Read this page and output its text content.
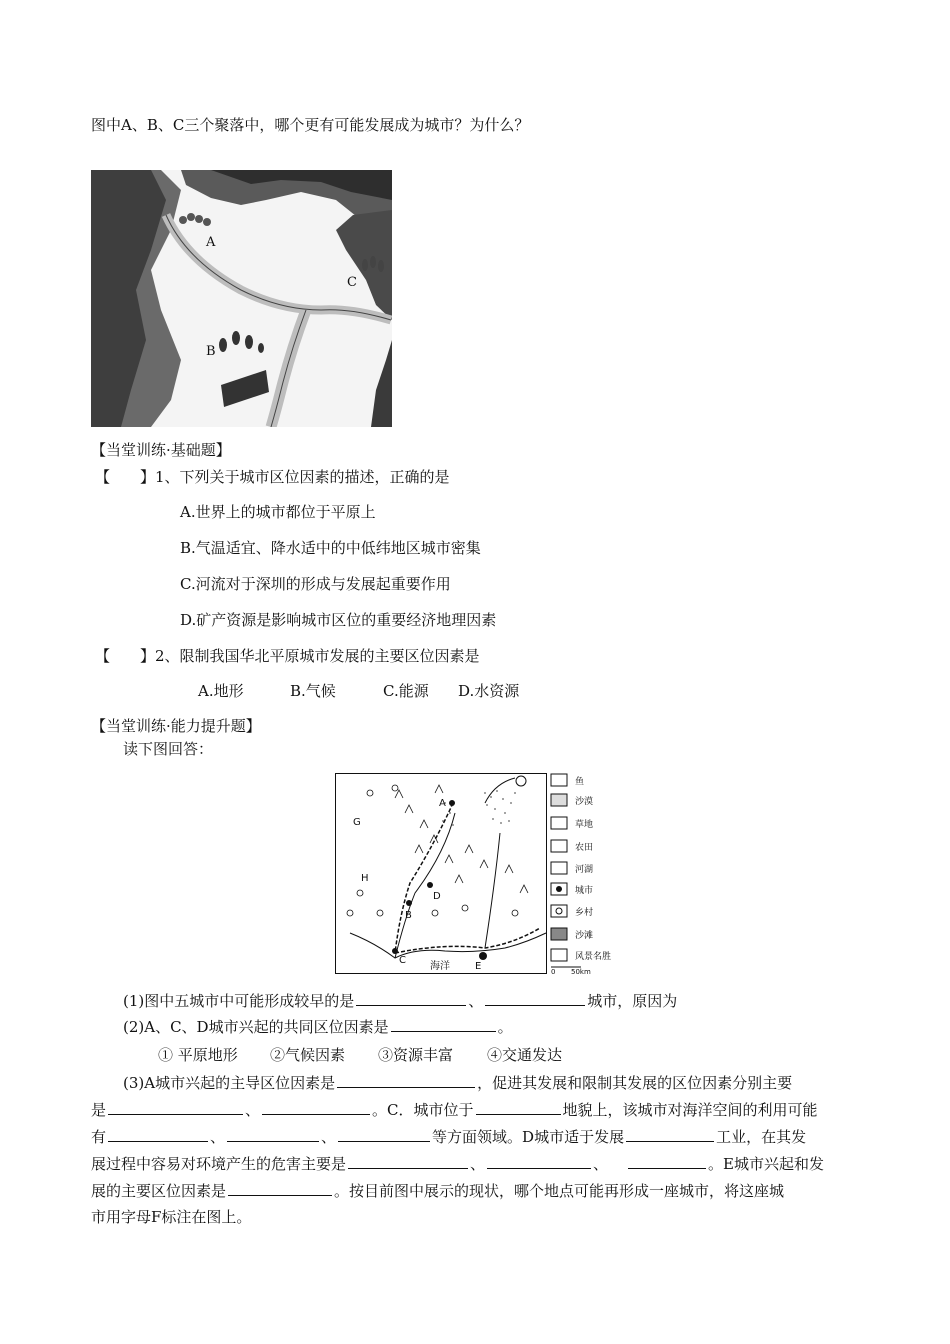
图中A、B、C三个聚落中，哪个更有可能发展成为城市？为什么？
A
B
C
【当堂训练·基础题】
【　　】1、下列关于城市区位因素的描述，正确的是
A.世界上的城市都位于平原上
B.气温适宜、降水适中的中低纬地区城市密集
C.河流对于深圳的形成与发展起重要作用
D.矿产资源是影响城市区位的重要经济地理因素
【　　】2、限制我国华北平原城市发展的主要区位因素是
A.地形	B.气候	C.能源 D.水资源
【当堂训练·能力提升题】
读下图回答：
A
B
C
D
E
G
H
海洋
鱼
沙漠
草地
农田
河湖
城市
乡村
沙滩
风景名胜
0 50km
(1)图中五城市中可能形成较早的是	、	城市，原因为
(2)A、C、D城市兴起的共同区位因素是	。
① 平原地形 ②气候因素 ③资源丰富 ④交通发达
(3)A城市兴起的主导区位因素是	，促进其发展和限制其发展的区位因素分别主要
是	、	。C．城市位于	地貌上，该城市对海洋空间的利用可能
有	、	、	等方面领域。D城市适于发展	工业，在其发
展过程中容易对环境产生的危害主要是	、	、	。E城市兴起和发
展的主要区位因素是	。按目前图中展示的现状，哪个地点可能再形成一座城市，将这座城
市用字母F标注在图上。
